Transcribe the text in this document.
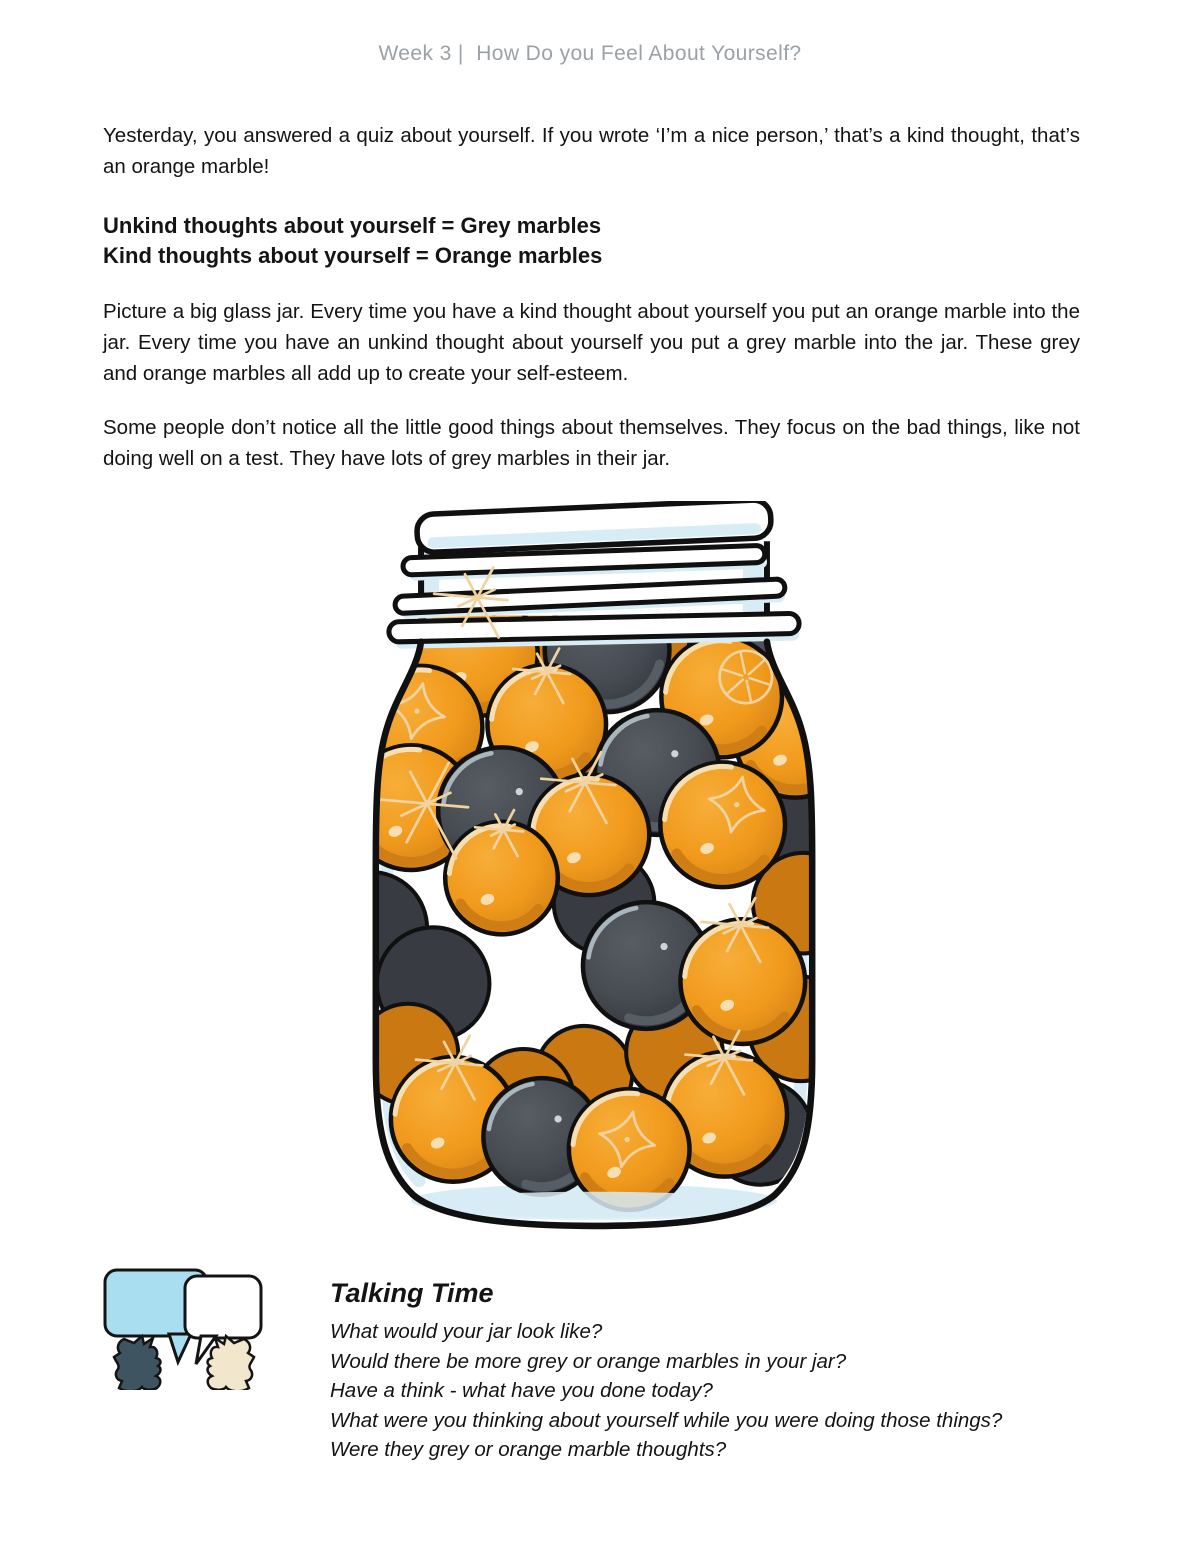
Week 3 |  How Do you Feel About Yourself?

Yesterday, you answered a quiz about yourself. If you wrote ‘I’m a nice person,’ that’s a kind thought, that’s an orange marble!

Unkind thoughts about yourself = Grey marbles
Kind thoughts about yourself = Orange marbles

Picture a big glass jar. Every time you have a kind thought about yourself you put an orange marble into the jar. Every time you have an unkind thought about yourself you put a grey marble into the jar. These grey and orange marbles all add up to create your self-esteem.

Some people don’t notice all the little good things about themselves. They focus on the bad things, like not doing well on a test. They have lots of grey marbles in their jar.

Talking Time
What would your jar look like?
Would there be more grey or orange marbles in your jar?
Have a think - what have you done today?
What were you thinking about yourself while you were doing those things?
Were they grey or orange marble thoughts?
